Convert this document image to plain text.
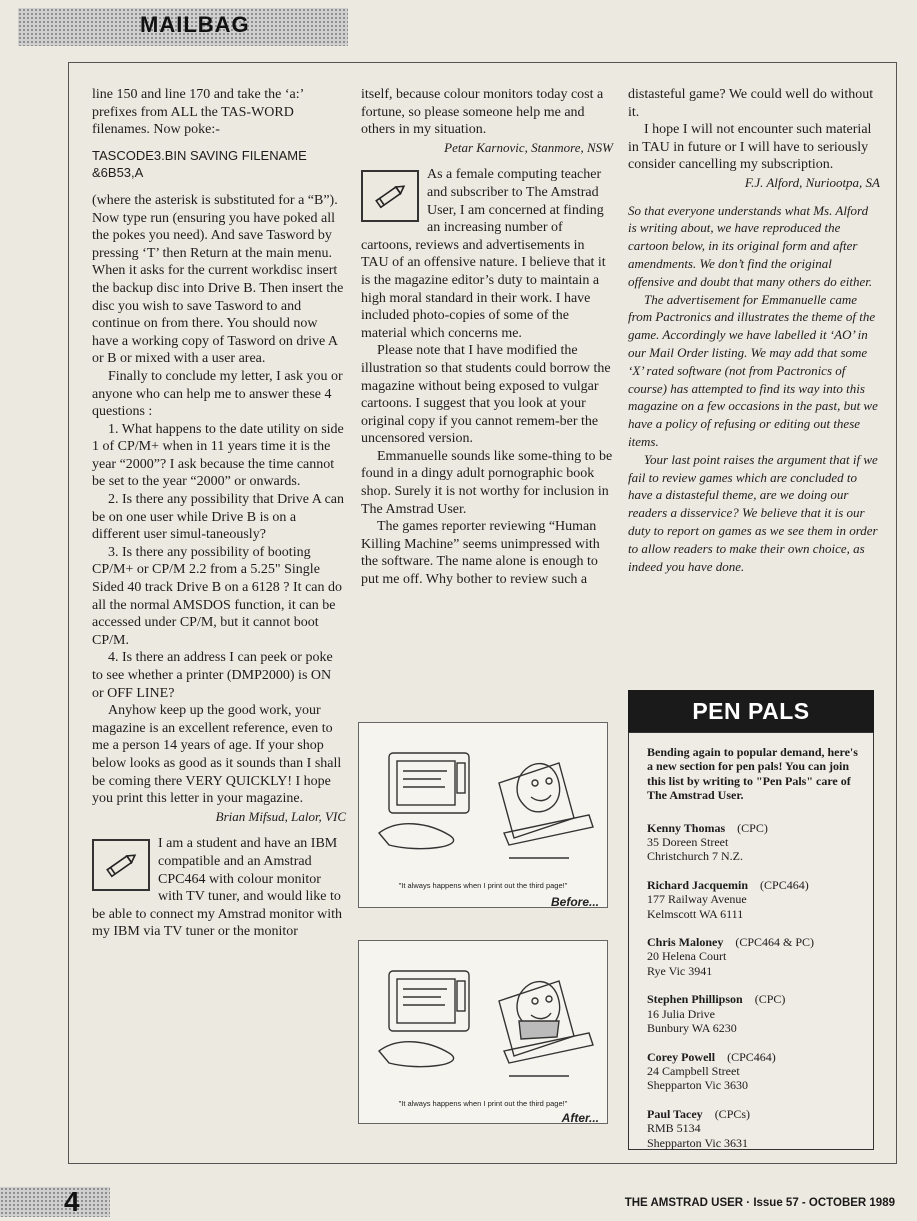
MAILBAG

line 150 and line 170 and take the ‘a:’ prefixes from ALL the TAS-WORD filenames. Now poke:-

TASCODE3.BIN SAVING FILENAME &6B53,A

(where the asterisk is substituted for a “B”). Now type run (ensuring you have poked all the pokes you need). And save Tasword by pressing ‘T’ then Return at the main menu. When it asks for the current workdisc insert the backup disc into Drive B. Then insert the disc you wish to save Tasword to and continue on from there. You should now have a working copy of Tasword on drive A or B or mixed with a user area.

Finally to conclude my letter, I ask you or anyone who can help me to answer these 4 questions :

1. What happens to the date utility on side 1 of CP/M+ when in 11 years time it is the year “2000”? I ask because the time cannot be set to the year “2000” or onwards.

2. Is there any possibility that Drive A can be on one user while Drive B is on a different user simul-taneously?

3. Is there any possibility of booting CP/M+ or CP/M 2.2 from a 5.25" Single Sided 40 track Drive B on a 6128 ? It can do all the normal AMSDOS function, it can be accessed under CP/M, but it cannot boot CP/M.

4. Is there an address I can peek or poke to see whether a printer (DMP2000) is ON or OFF LINE?

Anyhow keep up the good work, your magazine is an excellent reference, even to me a person 14 years of age. If your shop below looks as good as it sounds than I shall be coming there VERY QUICKLY! I hope you print this letter in your magazine.

Brian Mifsud, Lalor, VIC

I am a student and have an IBM compatible and an Amstrad CPC464 with colour monitor with TV tuner, and would like to be able to connect my Amstrad monitor with my IBM via TV tuner or the monitor

itself, because colour monitors today cost a fortune, so please someone help me and others in my situation.

Petar Karnovic, Stanmore, NSW

As a female computing teacher and subscriber to The Amstrad User, I am concerned at finding an increasing number of cartoons, reviews and advertisements in TAU of an offensive nature. I believe that it is the magazine editor’s duty to maintain a high moral standard in their work. I have included photo-copies of some of the material which concerns me.

Please note that I have modified the illustration so that students could borrow the magazine without being exposed to vulgar cartoons. I suggest that you look at your original copy if you cannot remem-ber the uncensored version.

Emmanuelle sounds like some-thing to be found in a dingy adult pornographic book shop. Surely it is not worthy for inclusion in The Amstrad User.

The games reporter reviewing “Human Killing Machine” seems unimpressed with the software. The name alone is enough to put me off. Why bother to review such a

"It always happens when I print out the third page!"
Before...
"It always happens when I print out the third page!"
After...

distasteful game? We could well do without it.

I hope I will not encounter such material in TAU in future or I will have to seriously consider cancelling my subscription.

F.J. Alford, Nuriootpa, SA

So that everyone understands what Ms. Alford is writing about, we have reproduced the cartoon below, in its original form and after amendments. We don’t find the original offensive and doubt that many others do either.

The advertisement for Emmanuelle came from Pactronics and illustrates the theme of the game. Accordingly we have labelled it ‘AO’ in our Mail Order listing. We may add that some ‘X’ rated software (not from Pactronics of course) has attempted to find its way into this magazine on a few occasions in the past, but we have a policy of refusing or editing out these items.

Your last point raises the argument that if we fail to review games which are concluded to have a distasteful theme, are we doing our readers a disservice? We believe that it is our duty to report on games as we see them in order to allow readers to make their own choice, as indeed you have done.

PEN PALS
Bending again to popular demand, here's a new section for pen pals! You can join this list by writing to "Pen Pals" care of The Amstrad User.
Kenny Thomas (CPC)
35 Doreen Street
Christchurch 7 N.Z.
Richard Jacquemin (CPC464)
177 Railway Avenue
Kelmscott WA 6111
Chris Maloney (CPC464 & PC)
20 Helena Court
Rye Vic 3941
Stephen Phillipson (CPC)
16 Julia Drive
Bunbury WA 6230
Corey Powell (CPC464)
24 Campbell Street
Shepparton Vic 3630
Paul Tacey (CPCs)
RMB 5134
Shepparton Vic 3631
4	THE AMSTRAD USER · Issue 57 - OCTOBER 1989
